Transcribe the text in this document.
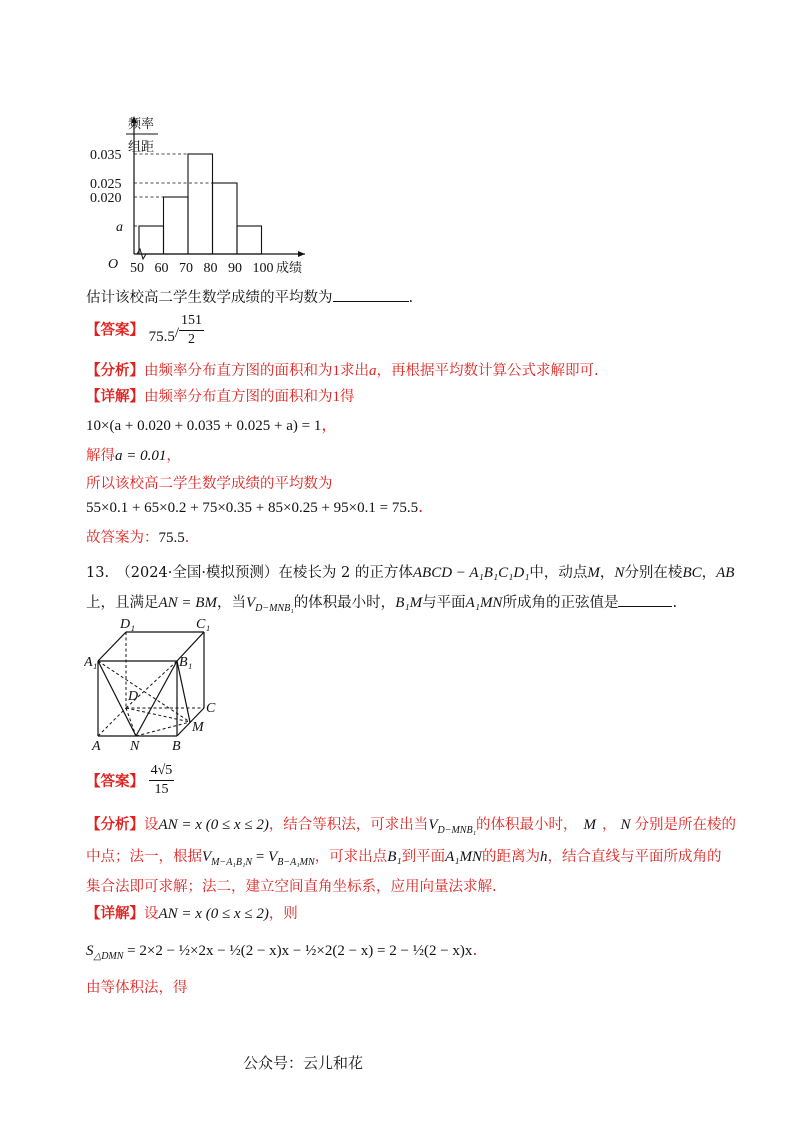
0.035
0.025
0.020
a
频率
组距
50 60 70 80 90 100
O	成绩
估计该校高二学生数学成绩的平均数为	.
【答案】 $75.5/ \frac{151}{2}$
【分析】由频率分布直方图的面积和为1求出a，再根据平均数计算公式求解即可.
【详解】由频率分布直方图的面积和为1得
10×(a + 0.020 + 0.035 + 0.025 + a) = 1，
解得a = 0.01，
所以该校高二学生数学成绩的平均数为
55×0.1 + 65×0.2 + 75×0.35 + 85×0.25 + 95×0.1 = 75.5.
故答案为：75.5.
13.　（2024·全国·模拟预测）在棱长为 2 的正方体ABCD − A₁B₁C₁D₁中，动点M，N分别在棱BC，AB
上，且满足AN = BM，当$V_{D-MNB_1}$的体积最小时，B₁M与平面A₁MN所成角的正弦值是	.
D₁	C₁
A₁	B₁
D
C
M
A N B
【答案】 $\frac{4√5}{15}$
【分析】设AN = x (0 ≤ x ≤ 2)，结合等积法，可求出当$V_{D-MNB_1}$的体积最小时， M ， N 分别是所在棱的
中点；法一，根据$V_{M-A_1B_1N} = V_{B-A_1MN}$，可求出点B₁到平面A₁MN的距离为h，结合直线与平面所成角的
集合法即可求解；法二，建立空间直角坐标系，应用向量法求解.
【详解】设AN = x (0 ≤ x ≤ 2)，则
$S_{\triangle DMN} = 2\times 2$ − ½×2x − ½(2 − x)x − ½×2(2 − x) = 2 − ½(2 − x)x.
由等体积法，得
公众号：云儿和花
